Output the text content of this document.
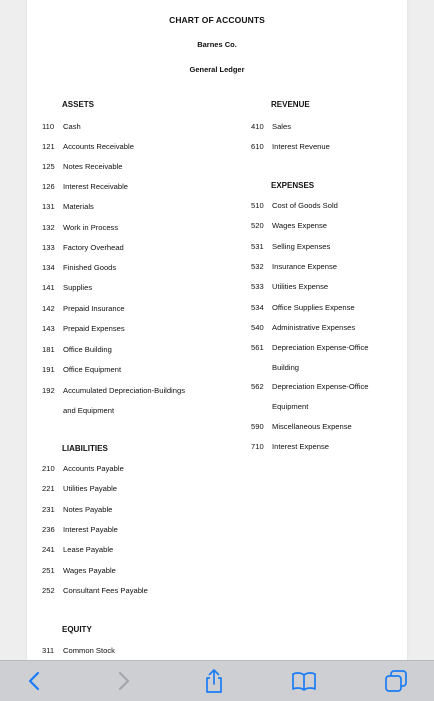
CHART OF ACCOUNTS
Barnes Co.
General Ledger
ASSETS
110 Cash
121 Accounts Receivable
125 Notes Receivable
126 Interest Receivable
131 Materials
132 Work in Process
133 Factory Overhead
134 Finished Goods
141 Supplies
142 Prepaid Insurance
143 Prepaid Expenses
181 Office Building
191 Office Equipment
192 Accumulated Depreciation-Buildings
and Equipment
LIABILITIES
210 Accounts Payable
221 Utilities Payable
231 Notes Payable
236 Interest Payable
241 Lease Payable
251 Wages Payable
252 Consultant Fees Payable
EQUITY
311 Common Stock
REVENUE
410 Sales
610 Interest Revenue
EXPENSES
510 Cost of Goods Sold
520 Wages Expense
531 Selling Expenses
532 Insurance Expense
533 Utilities Expense
534 Office Supplies Expense
540 Administrative Expenses
561 Depreciation Expense-Office
Building
562 Depreciation Expense-Office
Equipment
590 Miscellaneous Expense
710 Interest Expense
